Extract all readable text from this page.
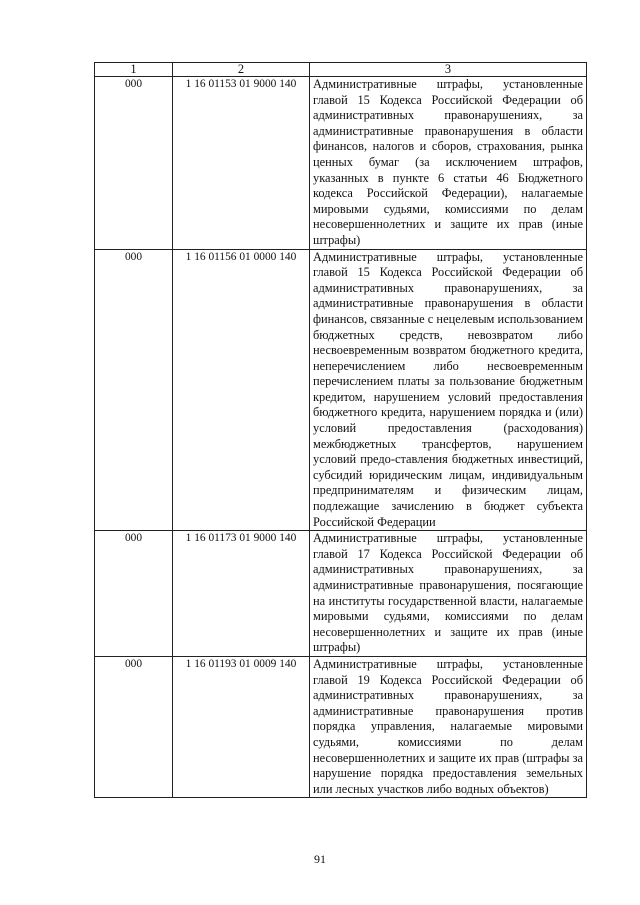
1	2	3
000	1 16 01153 01 9000 140	Административные штрафы, установленные главой 15 Кодекса Российской Федерации об административных правонарушениях, за административные правонарушения в области финансов, налогов и сборов, страхования, рынка ценных бумаг (за исключением штрафов, указанных в пункте 6 статьи 46 Бюджетного кодекса Российской Федерации), налагаемые мировыми судьями, комиссиями по делам несовершеннолетних и защите их прав (иные штрафы)
000	1 16 01156 01 0000 140	Административные штрафы, установленные главой 15 Кодекса Российской Федерации об административных правонарушениях, за административные правонарушения в области финансов, связанные с нецелевым использованием бюджетных средств, невозвратом либо несвоевременным возвратом бюджетного кредита, неперечислением либо несвоевременным перечислением платы за пользование бюджетным кредитом, нарушением условий предоставления бюджетного кредита, нарушением порядка и (или) условий предоставления (расходования) межбюджетных трансфертов, нарушением условий предо-ставления бюджетных инвестиций, субсидий юридическим лицам, индивидуальным предпринимателям и физическим лицам, подлежащие зачислению в бюджет субъекта Российской Федерации
000	1 16 01173 01 9000 140	Административные штрафы, установленные главой 17 Кодекса Российской Федерации об административных правонарушениях, за административные правонарушения, посягающие на институты государственной власти, налагаемые мировыми судьями, комиссиями по делам несовершеннолетних и защите их прав (иные штрафы)
000	1 16 01193 01 0009 140	Административные штрафы, установленные главой 19 Кодекса Российской Федерации об административных правонарушениях, за административные правонарушения против порядка управления, налагаемые мировыми судьями, комиссиями по делам несовершеннолетних и защите их прав (штрафы за нарушение порядка предоставления земельных или лесных участков либо водных объектов)
91
